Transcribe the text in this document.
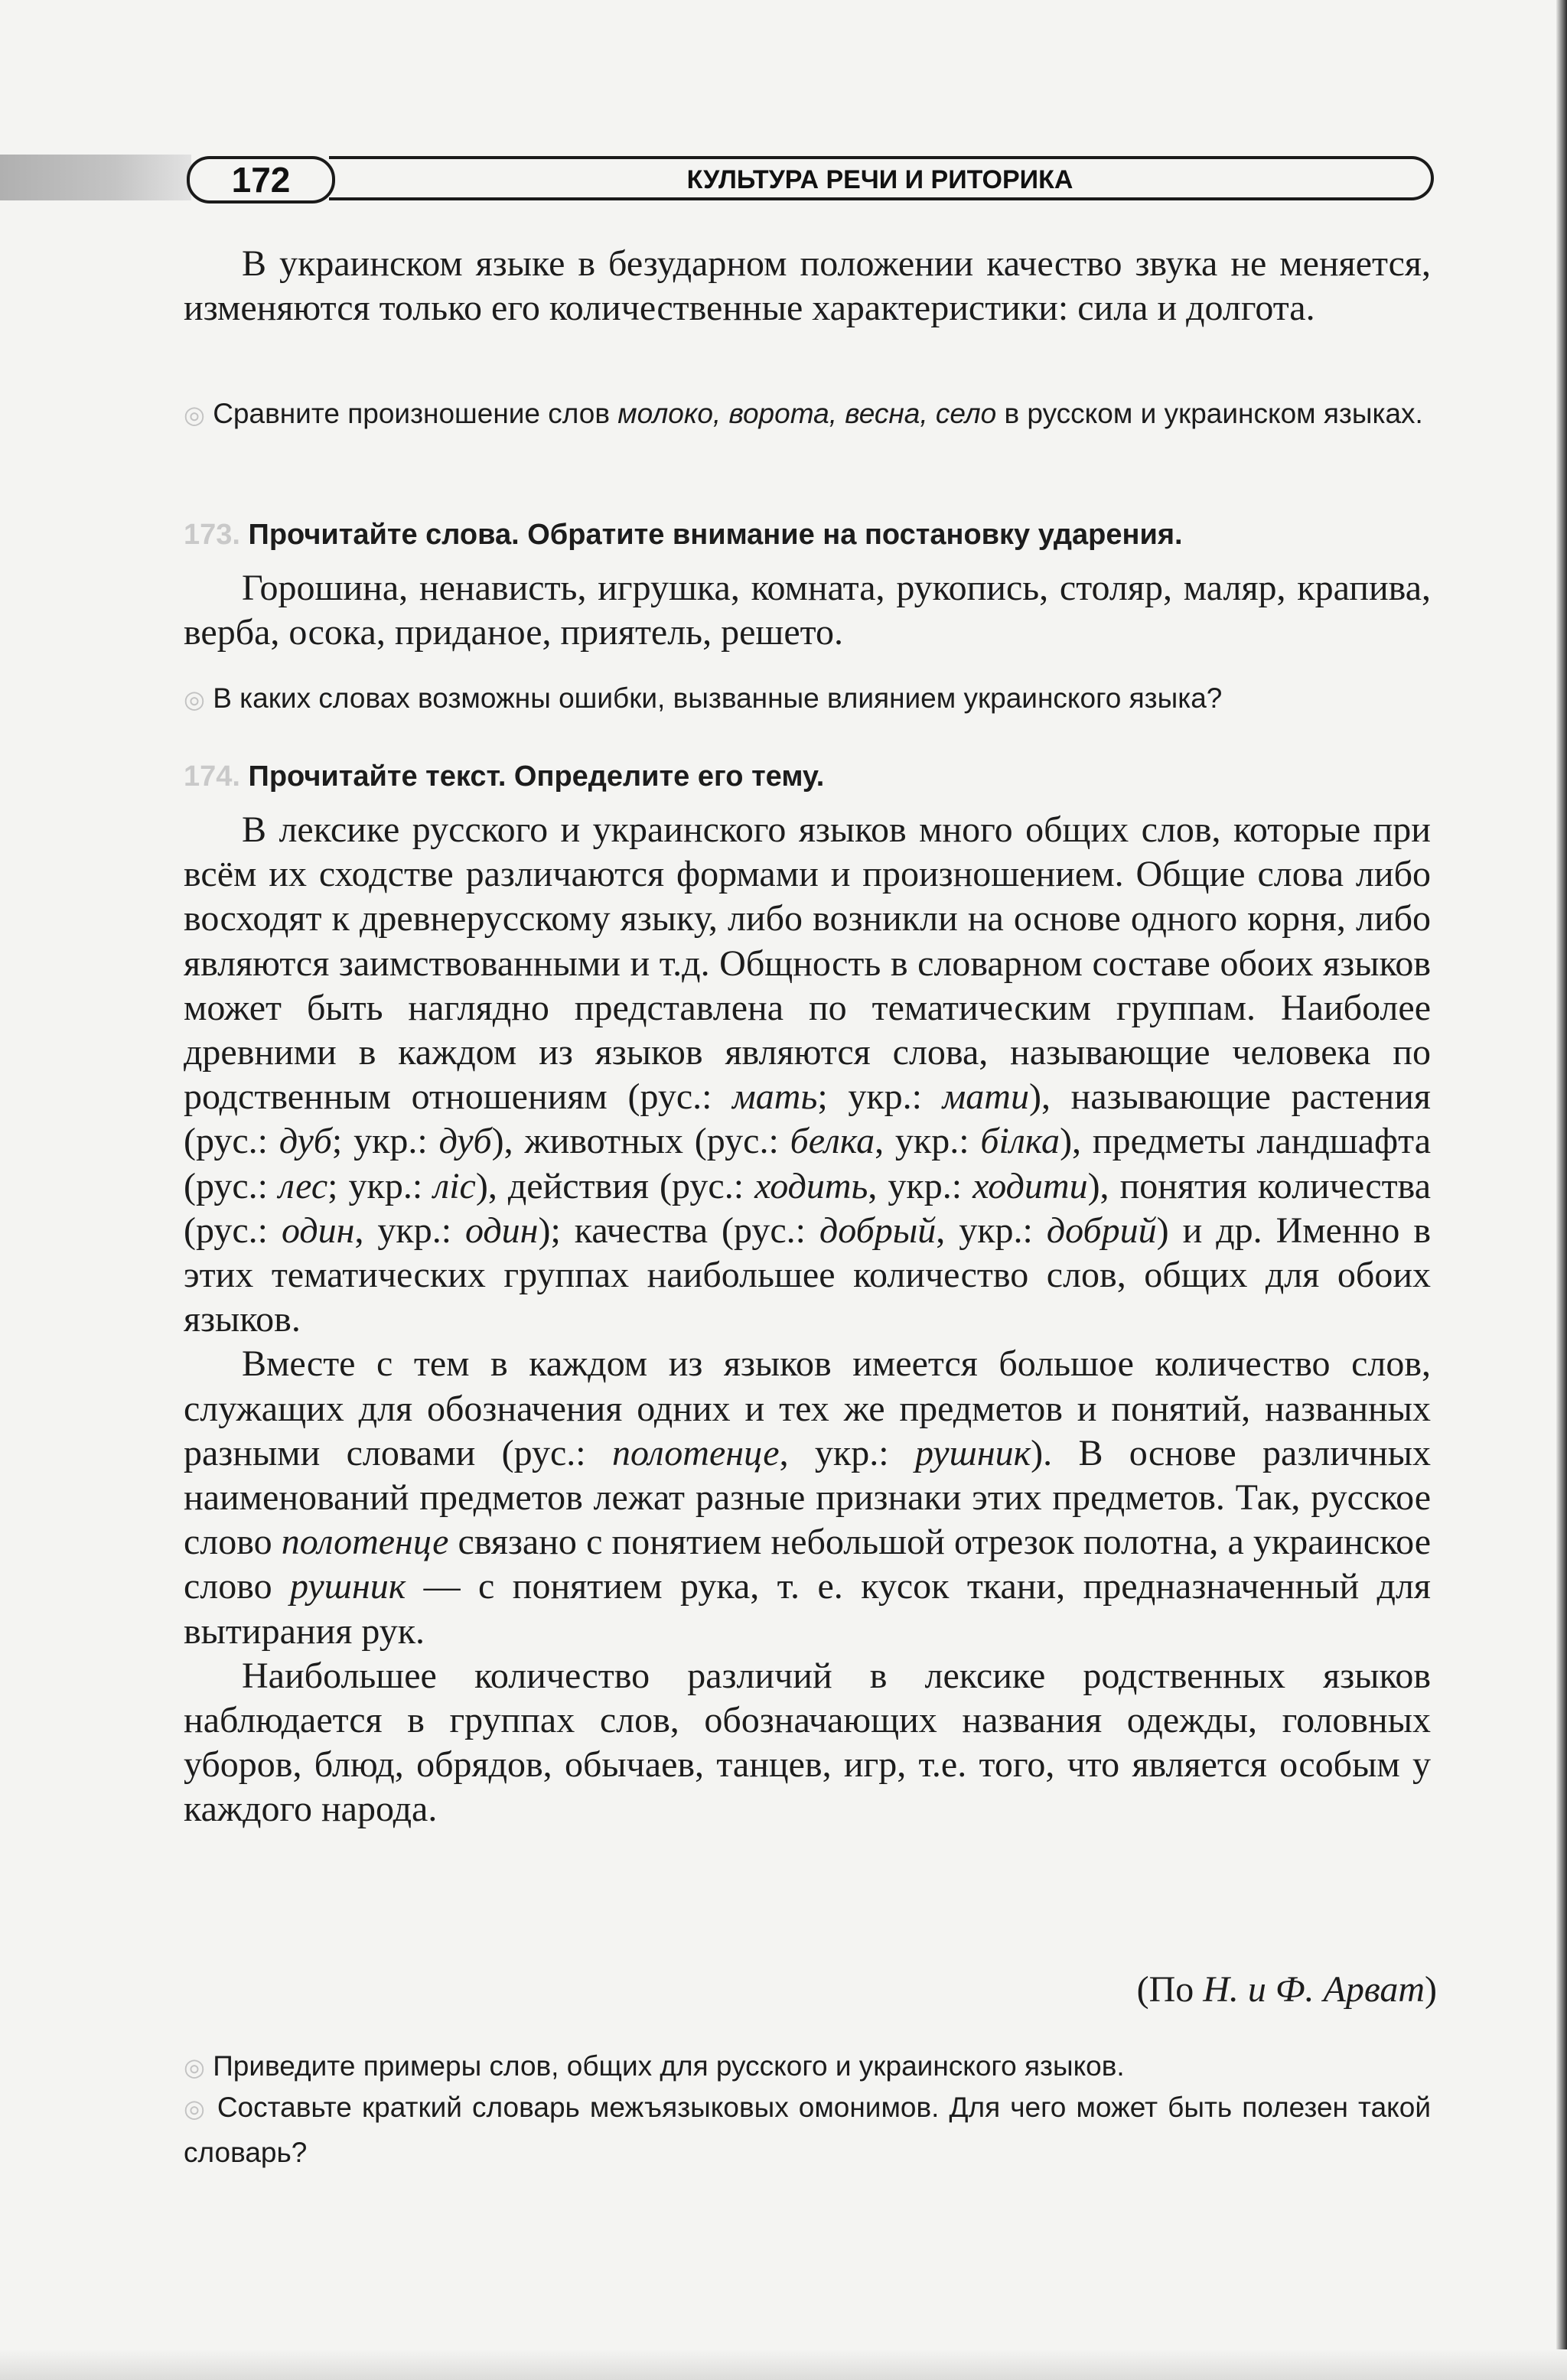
172	КУЛЬТУРА РЕЧИ И РИТОРИКА

В украинском языке в безударном положении качество звука не меняется, изменяются только его количественные характеристики: сила и долгота.

◎ Сравните произношение слов молоко, ворота, весна, село в русском и украинском языках.
173. Прочитайте слова. Обратите внимание на постановку ударения.

Горошина, ненависть, игрушка, комната, рукопись, столяр, маляр, крапива, верба, осока, приданое, приятель, решето.

◎ В каких словах возможны ошибки, вызванные влиянием украинского языка?
174. Прочитайте текст. Определите его тему.

В лексике русского и украинского языков много общих слов, которые при всём их сходстве различаются формами и произношением. Общие слова либо восходят к древнерусскому языку, либо возникли на основе одного корня, либо являются заимствованными и т.д. Общность в словарном составе обоих языков может быть наглядно представлена по тематическим группам. Наиболее древними в каждом из языков являются слова, называющие человека по родственным отношениям (рус.: мать; укр.: мати), называющие растения (рус.: дуб; укр.: дуб), животных (рус.: белка, укр.: білка), предметы ландшафта (рус.: лес; укр.: ліс), действия (рус.: ходить, укр.: ходити), понятия количества (рус.: один, укр.: один); качества (рус.: добрый, укр.: добрий) и др. Именно в этих тематических группах наибольшее количество слов, общих для обоих языков.

Вместе с тем в каждом из языков имеется большое количество слов, служащих для обозначения одних и тех же предметов и понятий, названных разными словами (рус.: полотенце, укр.: рушник). В основе различных наименований предметов лежат разные признаки этих предметов. Так, русское слово полотенце связано с понятием небольшой отрезок полотна, а украинское слово рушник — с понятием рука, т. е. кусок ткани, предназначенный для вытирания рук.

Наибольшее количество различий в лексике родственных языков наблюдается в группах слов, обозначающих названия одежды, головных уборов, блюд, обрядов, обычаев, танцев, игр, т.е. того, что является особым у каждого народа.

(По Н. и Ф. Арват)
◎ Приведите примеры слов, общих для русского и украинского языков.
◎ Составьте краткий словарь межъязыковых омонимов. Для чего может быть полезен такой словарь?
